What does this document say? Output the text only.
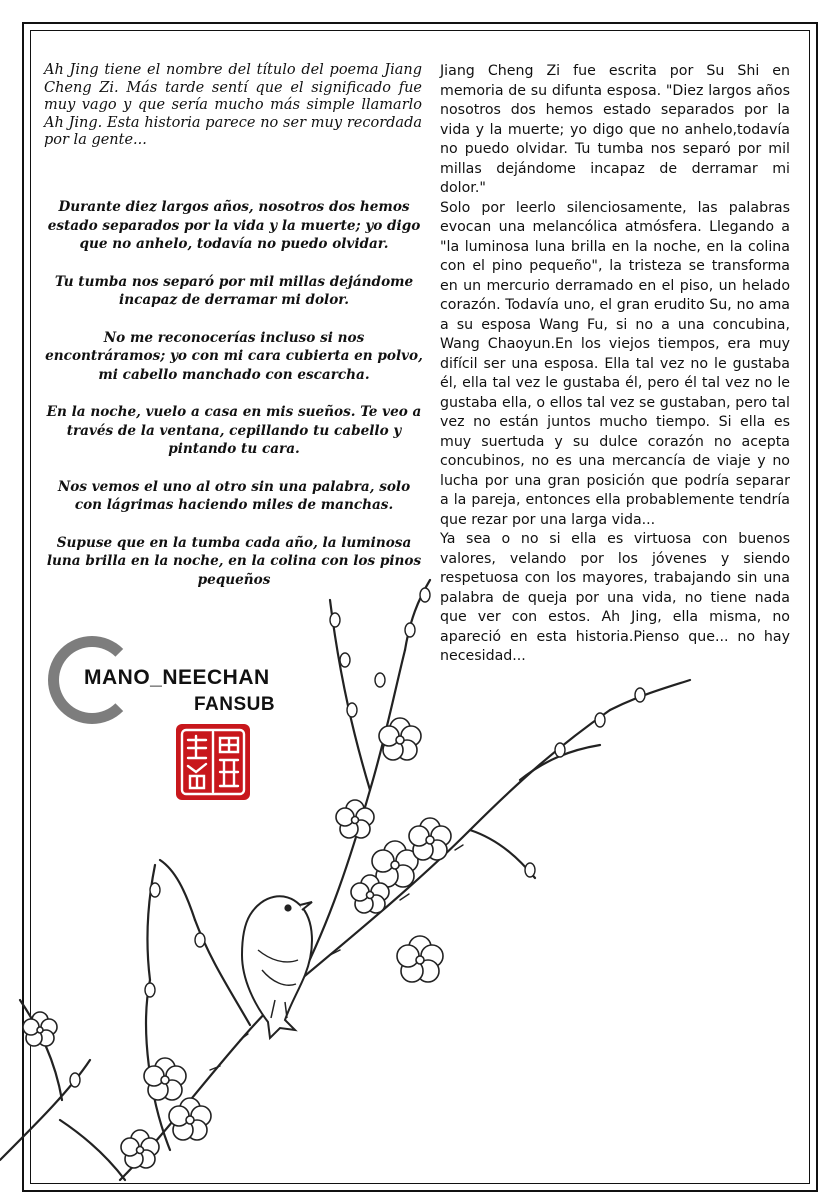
Ah Jing tiene el nombre del título del poema Jiang Cheng Zi. Más tarde sentí que el significado fue muy vago y que sería mucho más simple llamarlo Ah Jing. Esta historia parece no ser muy recordada por la gente...

Durante diez largos años, nosotros dos hemos estado separados por la vida y la muerte; yo digo que no anhelo, todavía no puedo olvidar.

Tu tumba nos separó por mil millas dejándome incapaz de derramar mi dolor.

No me reconocerías incluso si nos encontráramos; yo con mi cara cubierta en polvo, mi cabello manchado con escarcha.

En la noche, vuelo a casa en mis sueños. Te veo a través de la ventana, cepillando tu cabello y pintando tu cara.

Nos vemos el uno al otro sin una palabra, solo con lágrimas haciendo miles de manchas.

Supuse que en la tumba cada año, la luminosa luna brilla en la noche, en la colina con los pinos pequeños

Jiang Cheng Zi fue escrita por Su Shi en memoria de su difunta esposa. "Diez largos años nosotros dos hemos estado separados por la vida y la muerte; yo digo que no anhelo,todavía no puedo olvidar. Tu tumba nos separó por mil millas dejándome incapaz de derramar mi dolor."

Solo por leerlo silenciosamente, las palabras evocan una melancólica atmósfera. Llegando a "la luminosa luna brilla en la noche, en la colina con el pino pequeño", la tristeza se transforma en un mercurio derramado en el piso, un helado corazón. Todavía uno, el gran erudito Su, no ama a su esposa Wang Fu, si no a una concubina, Wang Chaoyun.En los viejos tiempos, era muy difícil ser una esposa. Ella tal vez no le gustaba él, ella tal vez le gustaba él, pero él tal vez no le gustaba ella, o ellos tal vez se gustaban, pero tal vez no están juntos mucho tiempo. Si ella es muy suertuda y su dulce corazón no acepta concubinos, no es una mercancía de viaje y no lucha por una gran posición que podría separar a la pareja, entonces ella probablemente tendría que rezar por una larga vida...

Ya sea o no si ella es virtuosa con buenos valores, velando por los jóvenes y siendo respetuosa con los mayores, trabajando sin una palabra de queja por una vida, no tiene nada que ver con estos. Ah Jing, ella misma, no apareció en esta historia.Pienso que... no hay necesidad...

MANO_NEECHAN
FANSUB
